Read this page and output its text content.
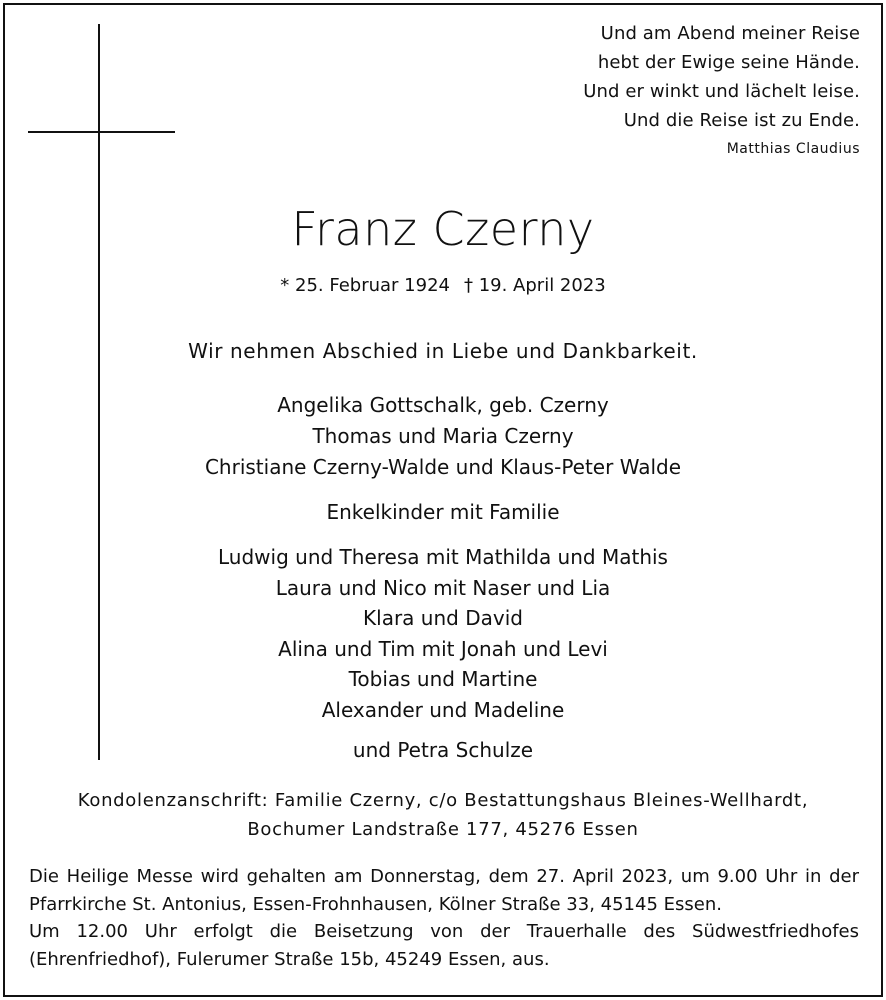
Und am Abend meiner Reise
hebt der Ewige seine Hände.
Und er winkt und lächelt leise.
Und die Reise ist zu Ende.
Matthias Claudius
Franz Czerny
* 25. Februar 1924 † 19. April 2023
Wir nehmen Abschied in Liebe und Dankbarkeit.
Angelika Gottschalk, geb. Czerny
Thomas und Maria Czerny
Christiane Czerny-Walde und Klaus-Peter Walde
Enkelkinder mit Familie
Ludwig und Theresa mit Mathilda und Mathis
Laura und Nico mit Naser und Lia
Klara und David
Alina und Tim mit Jonah und Levi
Tobias und Martine
Alexander und Madeline
und Petra Schulze
Kondolenzanschrift: Familie Czerny, c/o Bestattungshaus Bleines-Wellhardt,
Bochumer Landstraße 177, 45276 Essen
Die Heilige Messe wird gehalten am Donnerstag, dem 27. April 2023, um 9.00 Uhr in der
Pfarrkirche St. Antonius, Essen-Frohnhausen, Kölner Straße 33, 45145 Essen.
Um 12.00 Uhr erfolgt die Beisetzung von der Trauerhalle des Südwestfriedhofes
(Ehrenfriedhof), Fulerumer Straße 15b, 45249 Essen, aus.
